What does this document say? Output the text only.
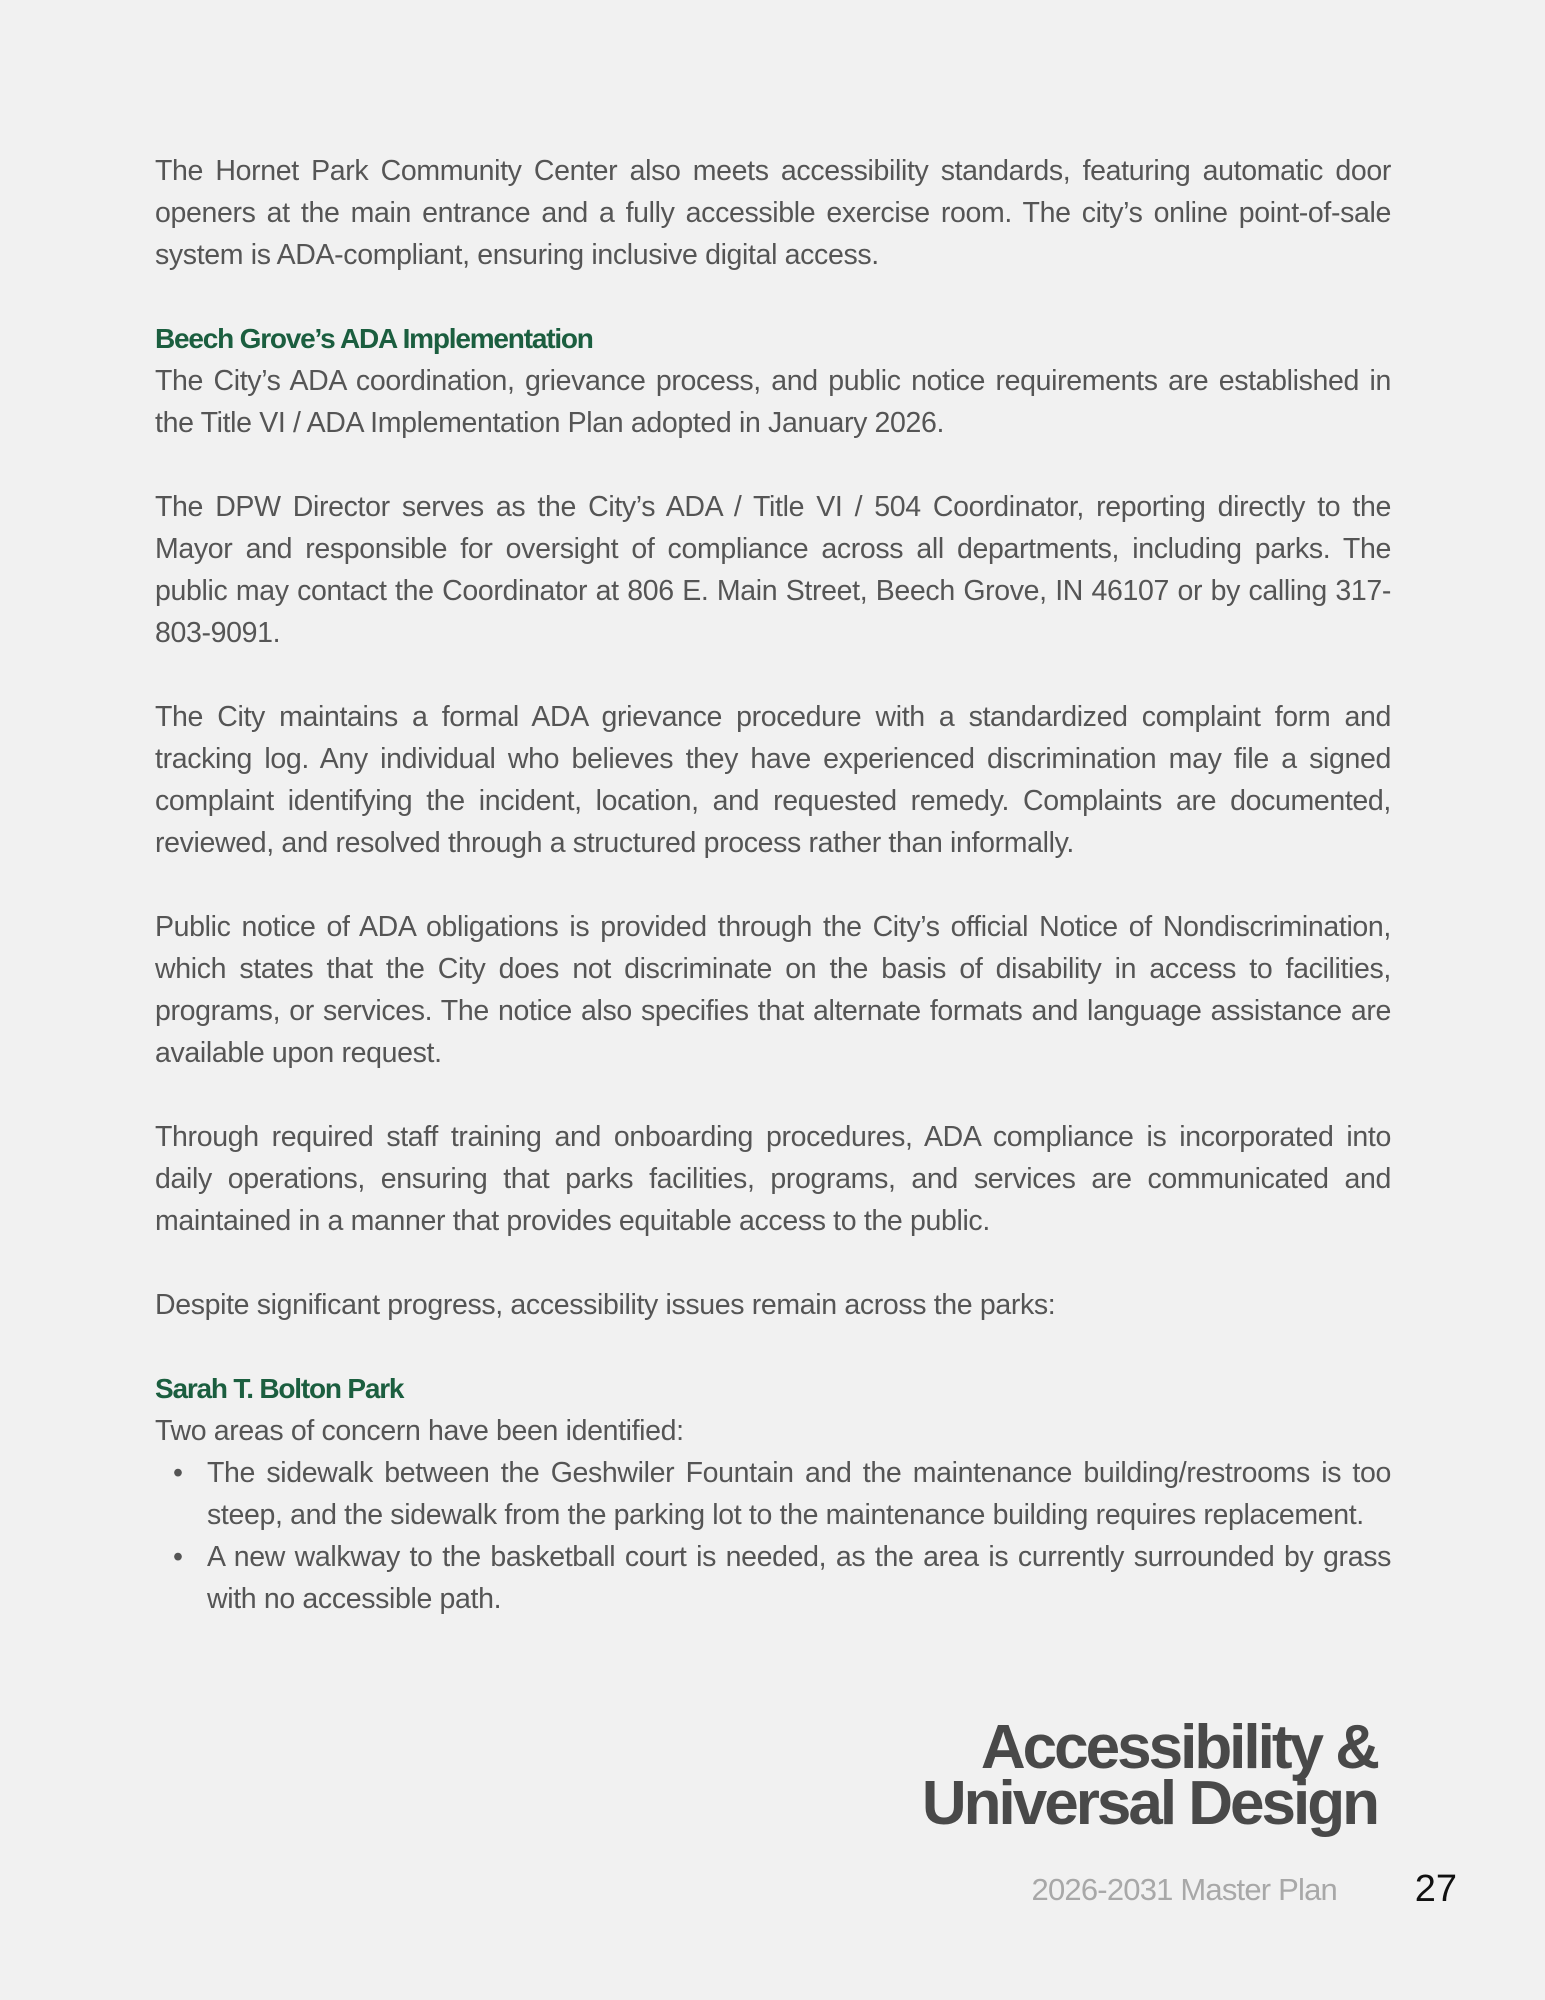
The Hornet Park Community Center also meets accessibility standards, featuring automatic door openers at the main entrance and a fully accessible exercise room. The city’s online point-of-sale system is ADA-compliant, ensuring inclusive digital access.

Beech Grove’s ADA Implementation

The City’s ADA coordination, grievance process, and public notice requirements are established in the Title VI / ADA Implementation Plan adopted in January 2026.

The DPW Director serves as the City’s ADA / Title VI / 504 Coordinator, reporting directly to the Mayor and responsible for oversight of compliance across all departments, including parks. The public may contact the Coordinator at 806 E. Main Street, Beech Grove, IN 46107 or by calling 317-803-9091.

The City maintains a formal ADA grievance procedure with a standardized complaint form and tracking log. Any individual who believes they have experienced discrimination may file a signed complaint identifying the incident, location, and requested remedy. Complaints are documented, reviewed, and resolved through a structured process rather than informally.

Public notice of ADA obligations is provided through the City’s official Notice of Nondiscrimination, which states that the City does not discriminate on the basis of disability in access to facilities, programs, or services. The notice also specifies that alternate formats and language assistance are available upon request.

Through required staff training and onboarding procedures, ADA compliance is incorporated into daily operations, ensuring that parks facilities, programs, and services are communicated and maintained in a manner that provides equitable access to the public.

Despite significant progress, accessibility issues remain across the parks:

Sarah T. Bolton Park

Two areas of concern have been identified:

• The sidewalk between the Geshwiler Fountain and the maintenance building/restrooms is too steep, and the sidewalk from the parking lot to the maintenance building requires replacement.
• A new walkway to the basketball court is needed, as the area is currently surrounded by grass with no accessible path.
Accessibility &
Universal Design
2026-2031 Master Plan 27
